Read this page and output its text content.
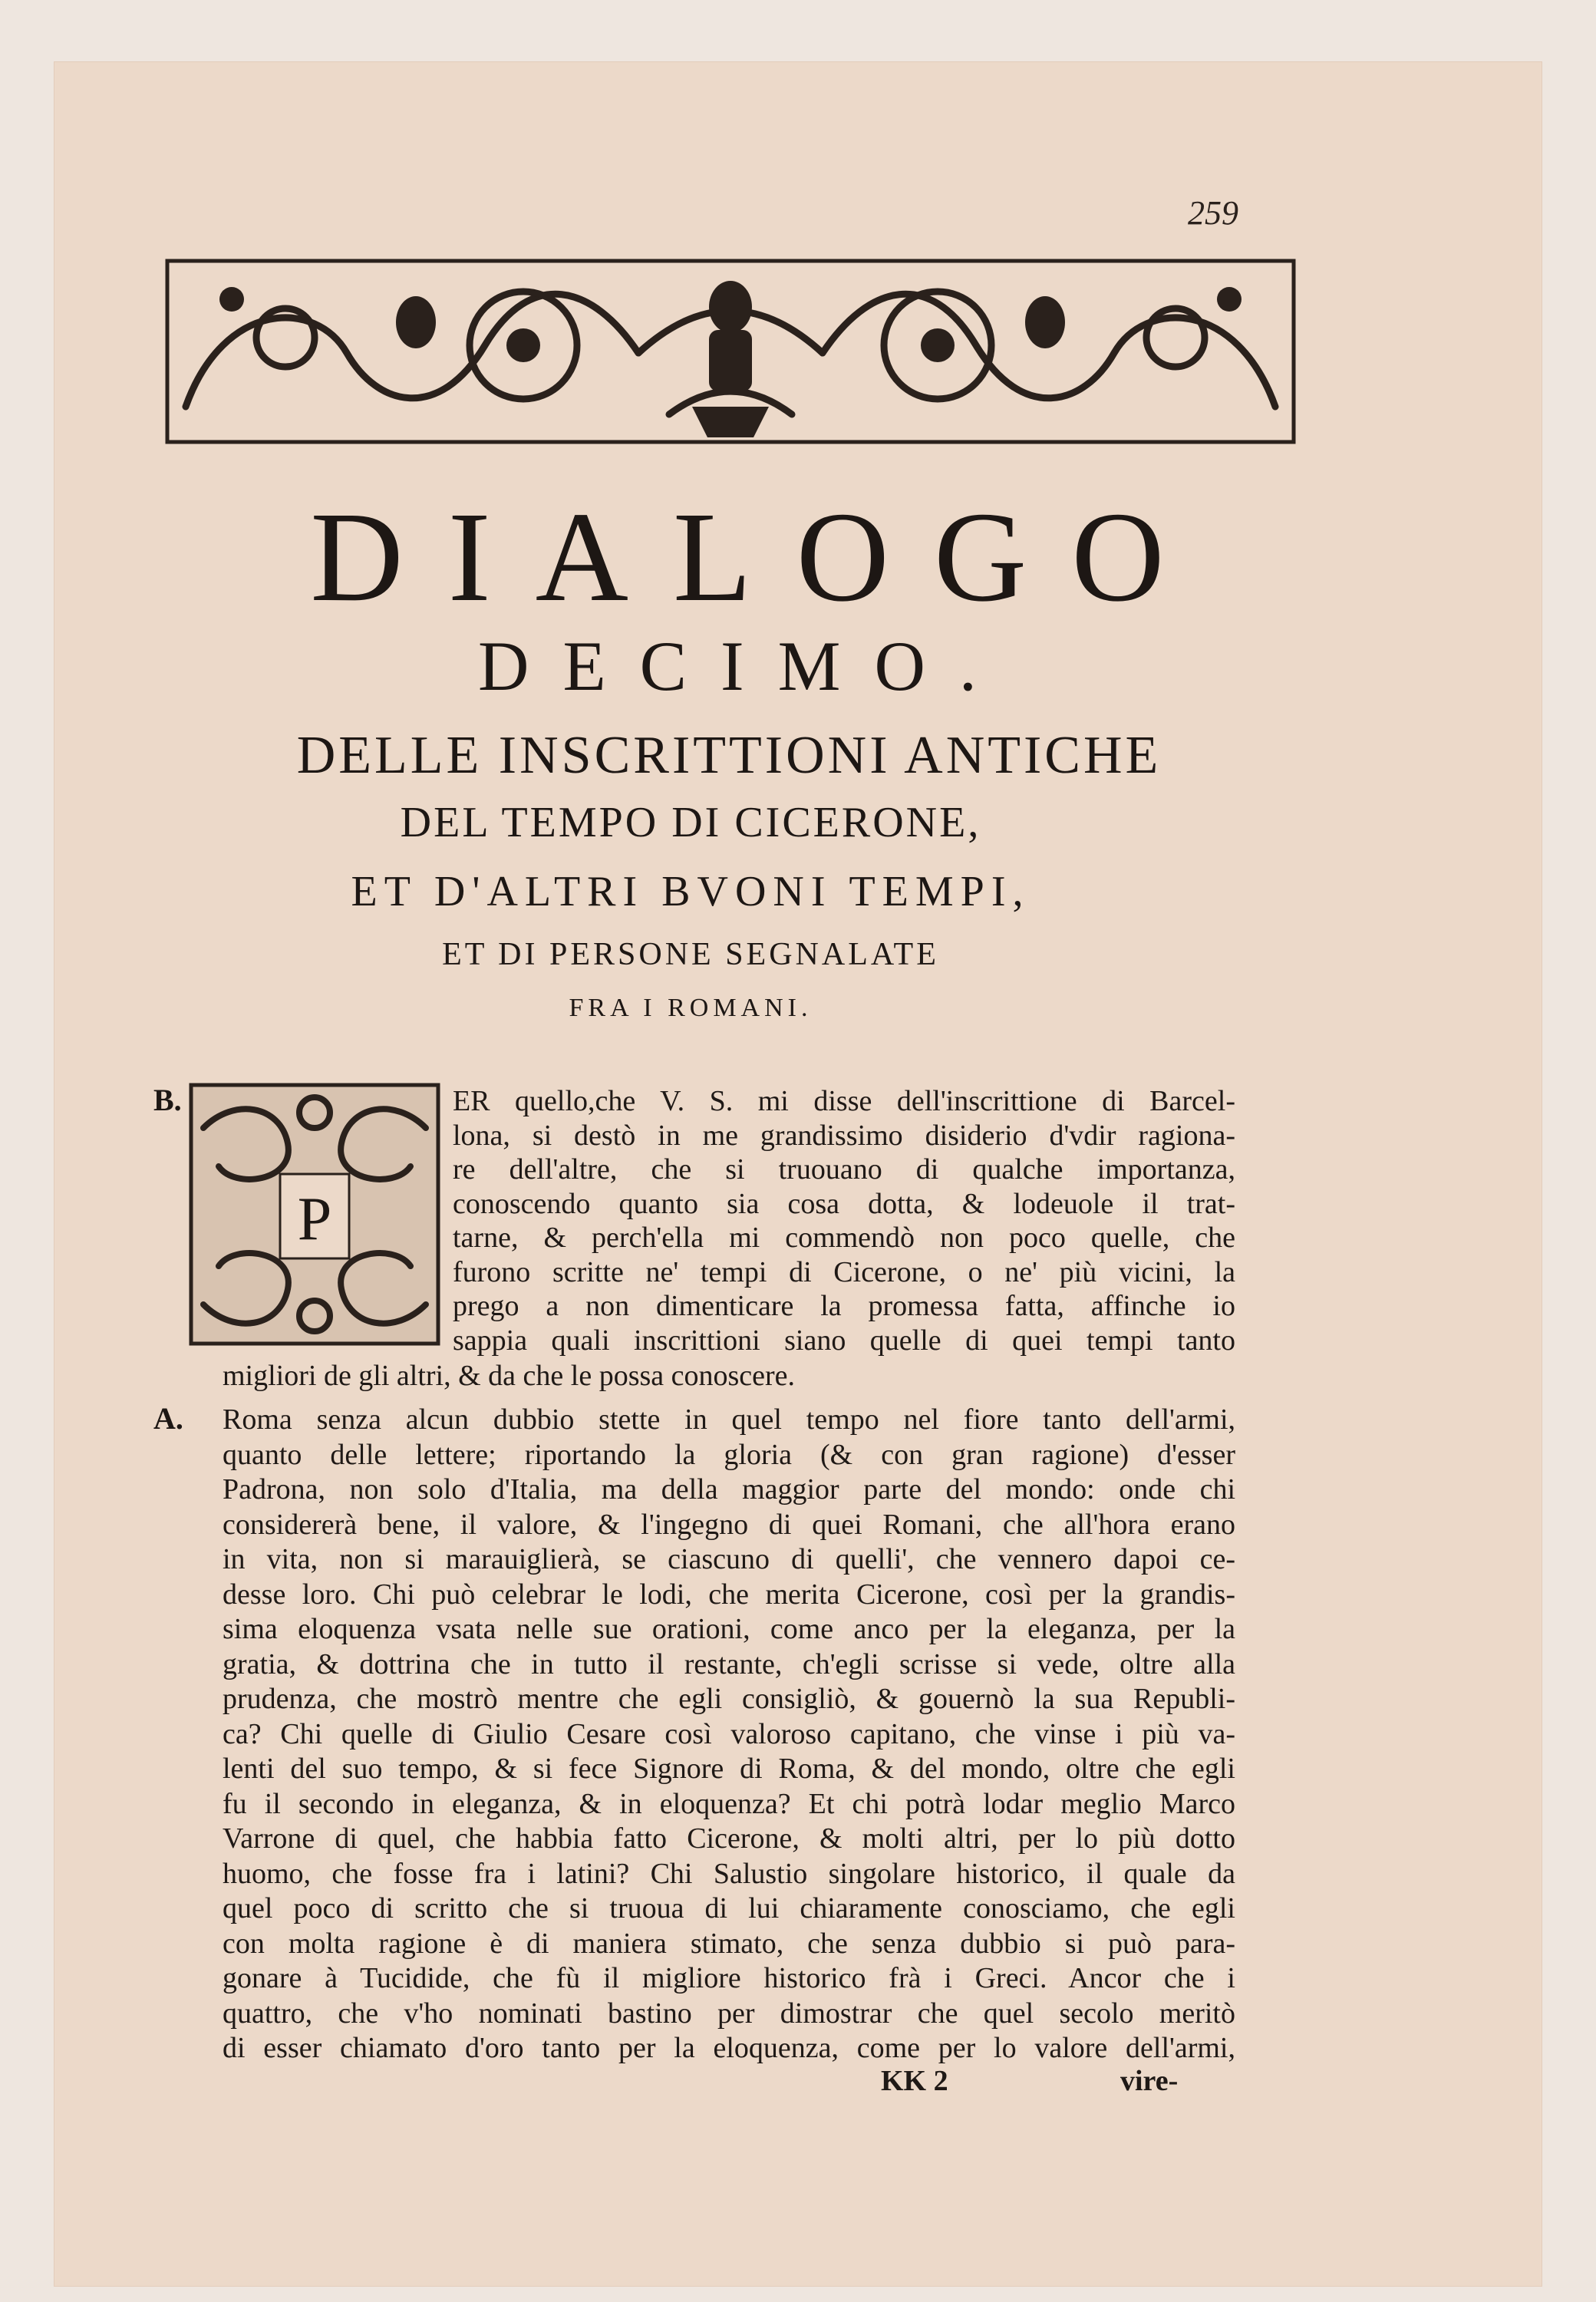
259
DIALOGO
DECIMO.
DELLE INSCRITTIONI ANTICHE
DEL TEMPO DI CICERONE,
ET D'ALTRI BVONI TEMPI,
ET DI PERSONE SEGNALATE
FRA I ROMANI.
B.
P
ER quello,che V. S. mi disse dell'inscrittione di Barcel-
lona, si destò in me grandissimo disiderio d'vdir ragiona-
re dell'altre, che si truouano di qualche importanza,
conoscendo quanto sia cosa dotta, & lodeuole il trat-
tarne, & perch'ella mi commendò non poco quelle, che
furono scritte ne' tempi di Cicerone, o ne' più vicini, la
prego a non dimenticare la promessa fatta, affinche io
sappia quali inscrittioni siano quelle di quei tempi tanto
migliori de gli altri, & da che le possa conoscere.
A. Roma senza alcun dubbio stette in quel tempo nel fiore tanto dell'armi,
quanto delle lettere; riportando la gloria (& con gran ragione) d'esser
Padrona, non solo d'Italia, ma della maggior parte del mondo: onde chi
considererà bene, il valore, & l'ingegno di quei Romani, che all'hora erano
in vita, non si marauiglierà, se ciascuno di quelli', che vennero dapoi ce-
desse loro. Chi può celebrar le lodi, che merita Cicerone, così per la grandis-
sima eloquenza vsata nelle sue orationi, come anco per la eleganza, per la
gratia, & dottrina che in tutto il restante, ch'egli scrisse si vede, oltre alla
prudenza, che mostrò mentre che egli consigliò, & gouernò la sua Republi-
ca? Chi quelle di Giulio Cesare così valoroso capitano, che vinse i più va-
lenti del suo tempo, & si fece Signore di Roma, & del mondo, oltre che egli
fu il secondo in eleganza, & in eloquenza? Et chi potrà lodar meglio Marco
Varrone di quel, che habbia fatto Cicerone, & molti altri, per lo più dotto
huomo, che fosse fra i latini? Chi Salustio singolare historico, il quale da
quel poco di scritto che si truoua di lui chiaramente conosciamo, che egli
con molta ragione è di maniera stimato, che senza dubbio si può para-
gonare à Tucidide, che fù il migliore historico frà i Greci. Ancor che i
quattro, che v'ho nominati bastino per dimostrar che quel secolo meritò
di esser chiamato d'oro tanto per la eloquenza, come per lo valore dell'armi,
KK 2	vire-
